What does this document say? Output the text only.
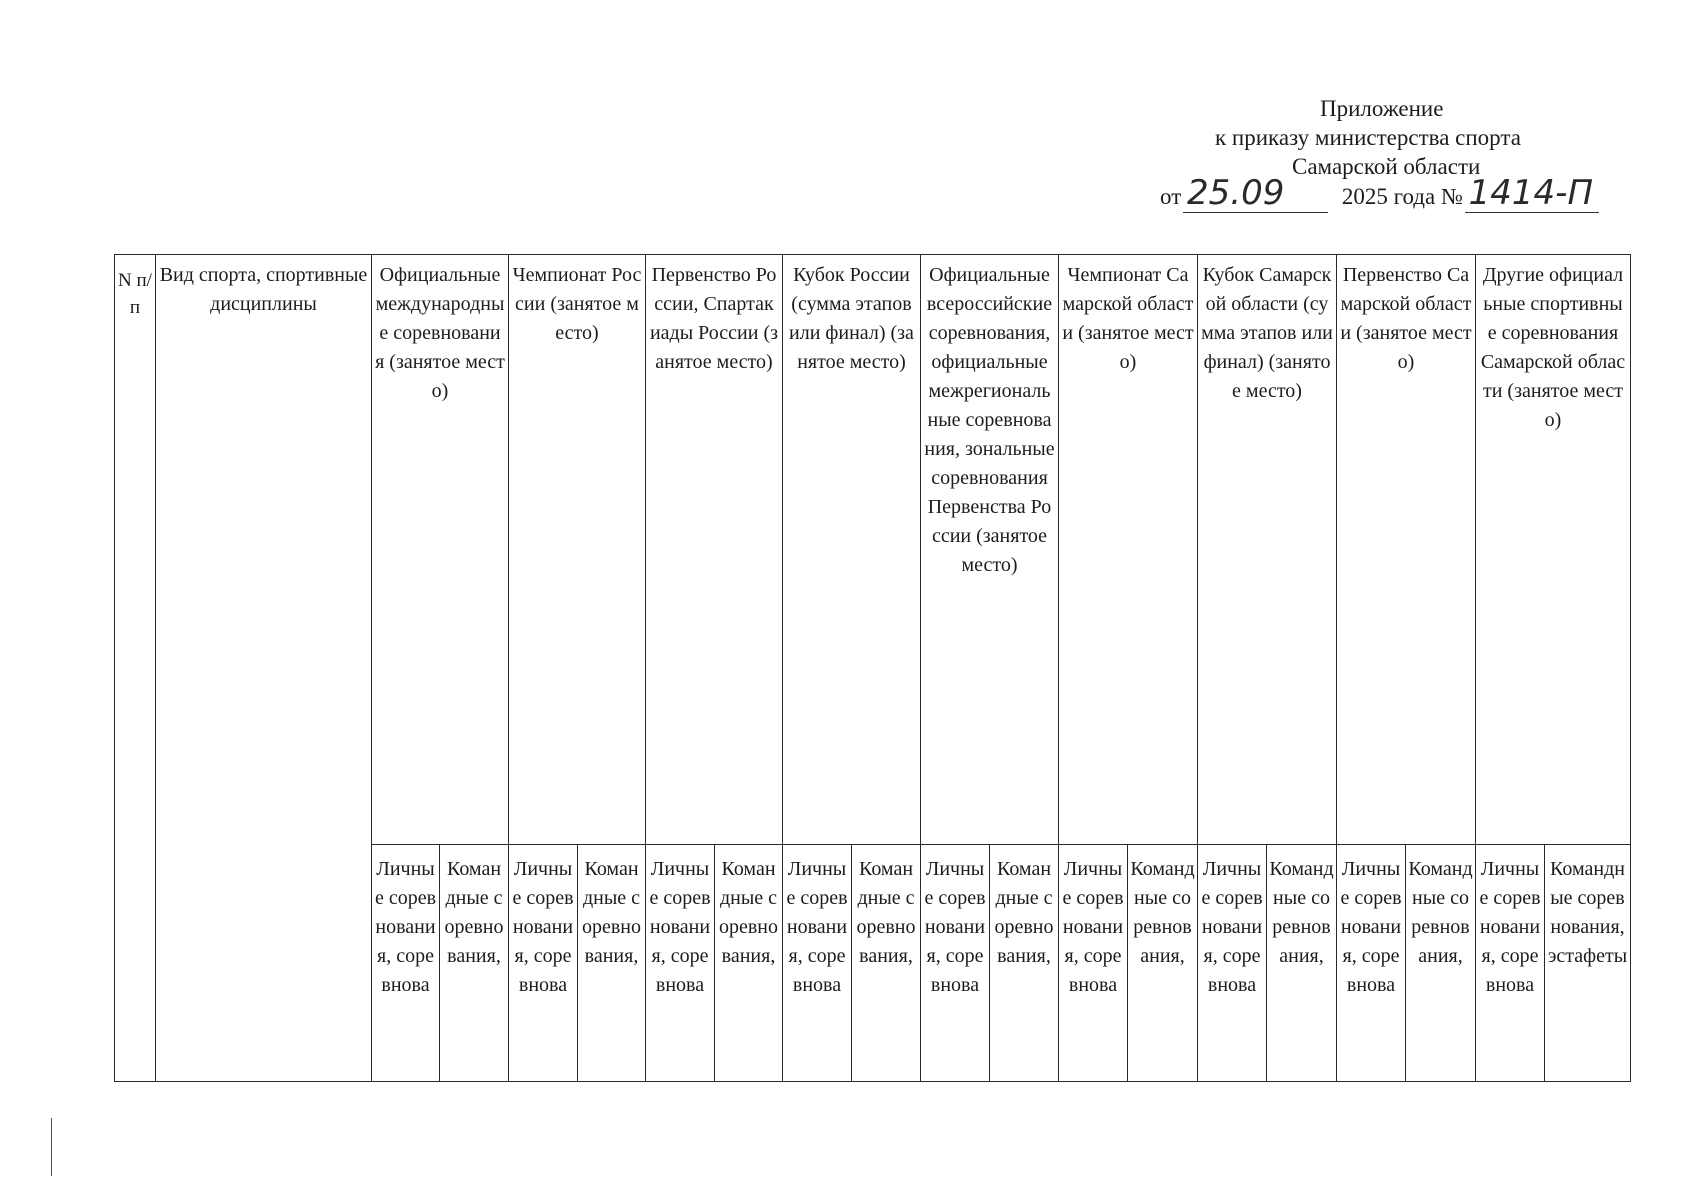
Приложение
к приказу министерства спорта
Самарской области
от 25.09	2025 года № 1414-П
N п/п	Вид спорта, спортивные дисциплины	Официальные международные соревнования (занятое место)		Чемпионат России (занятое место)		Первенство России, Спартакиады России (занятое место)		Кубок России (сумма этапов или финал) (занятое место)		Официальные всероссийские соревнования, официальные межрегиональные соревнования, зональные соревнования Первенства России (занятое место)		Чемпионат Самарской области (занятое место)		Кубок Самарской области (сумма этапов или финал) (занятое место)		Первенство Самарской области (занятое место)		Другие официальные спортивные соревнования Самарской области (занятое место)	
		Личные соревнования, соревнова	Командные соревнования,	Личные соревнования, соревнова	Командные соревнования,	Личные соревнования, соревнова	Командные соревнования,	Личные соревнования, соревнова	Командные соревнования,	Личные соревнования, соревнова	Командные соревнования,	Личные соревнования, соревнова	Командные соревнования,	Личные соревнования, соревнова	Командные соревнования,	Личные соревнования, соревнова	Командные соревнования,	Личные соревнования, соревнова	Командные соревнования, эстафеты
